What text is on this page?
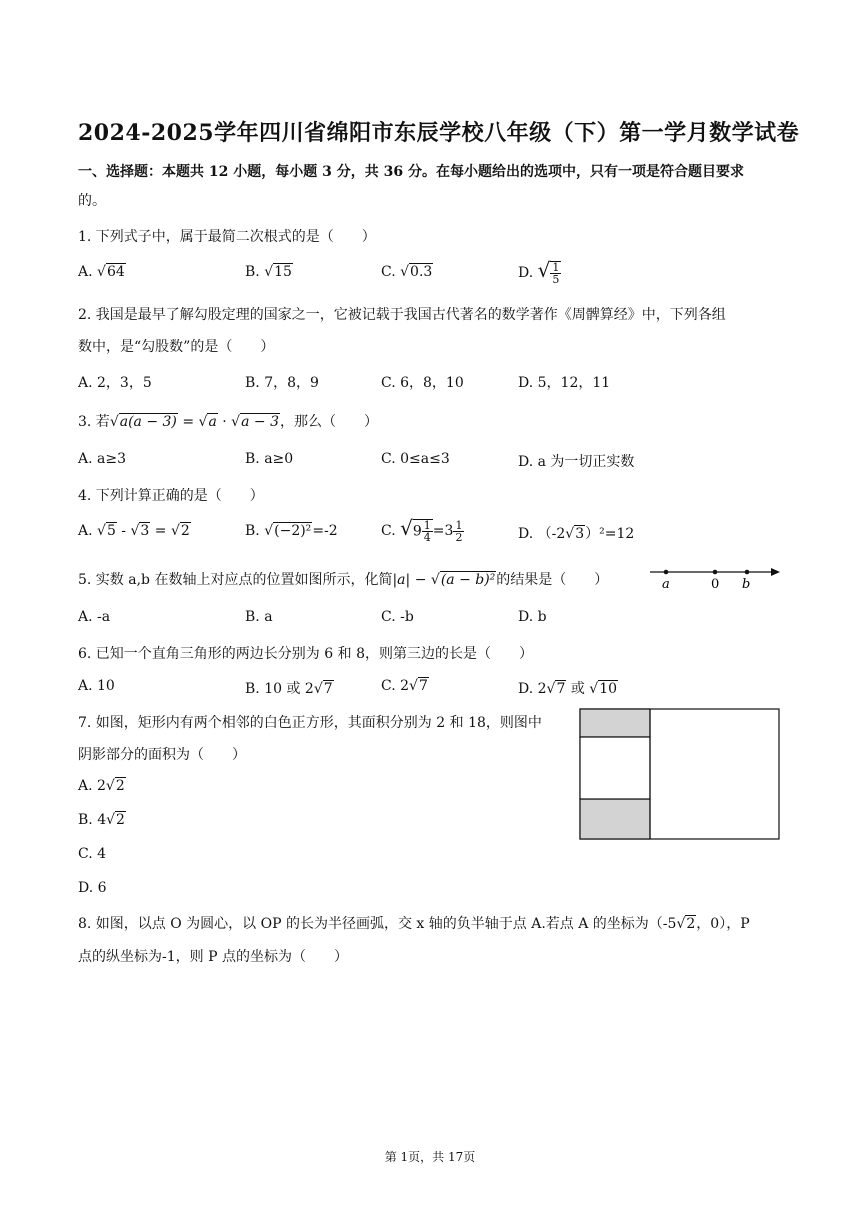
2024-2025学年四川省绵阳市东辰学校八年级（下）第一学月数学试卷
一、选择题：本题共 12 小题，每小题 3 分，共 36 分。在每小题给出的选项中，只有一项是符合题目要求
的。
1. 下列式子中，属于最简二次根式的是（　　）
A. √64	B. √15	C. √0.3	D. √ $\frac{1}{5}$
2. 我国是最早了解勾股定理的国家之一，它被记载于我国古代著名的数学著作《周髀算经》中，下列各组
数中，是“勾股数”的是（　　）
A. 2，3，5	B. 7，8，9	C. 6，8，10	D. 5，12，11
3. 若√a(a − 3) = √a · √a − 3，那么（　　）
A. a≥3	B. a≥0	C. 0≤a≤3	D. a 为一切正实数
4. 下列计算正确的是（　　）
A. √5 - √3 = √2	B. √(−2)²=-2	C. $√9 \frac{1}{4} =3 \frac{1}{2}$	D. （-2√3）²=12
5. 实数 a,b 在数轴上对应点的位置如图所示，化简|a| − √(a − b)²的结果是（　　）	a	0 b
A. -a	B. a	C. -b	D. b
6. 已知一个直角三角形的两边长分别为 6 和 8，则第三边的长是（　　）
A. 10	B. 10 或 2√7	C. 2√7	D. 2√7 或 √10
7. 如图，矩形内有两个相邻的白色正方形，其面积分别为 2 和 18，则图中
阴影部分的面积为（　　）
A. 2√2
B. 4√2
C. 4
D. 6
8. 如图，以点 O 为圆心，以 OP 的长为半径画弧，交 x 轴的负半轴于点 A.若点 A 的坐标为（-5√2，0），P
点的纵坐标为-1，则 P 点的坐标为（　　）
第 1页，共 17页
